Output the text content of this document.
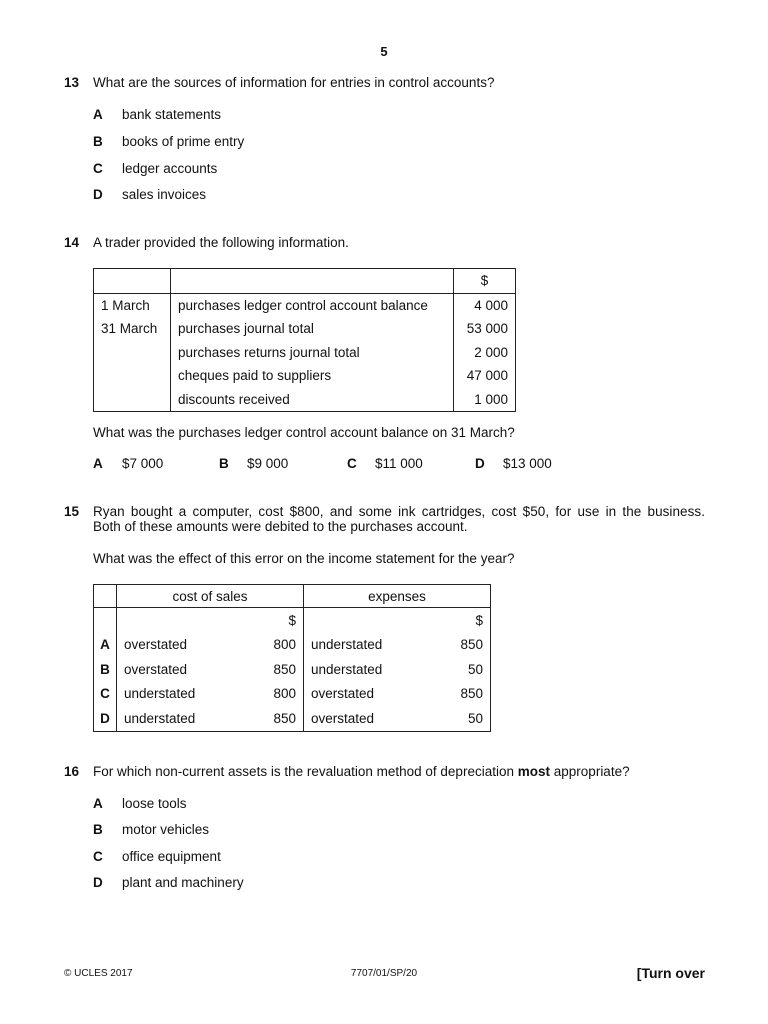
5
13 What are the sources of information for entries in control accounts?
A bank statements
B books of prime entry
C ledger accounts
D sales invoices
14 A trader provided the following information.
		$
1 March	purchases ledger control account balance	4 000
31 March	purchases journal total	53 000
	purchases returns journal total	2 000
	cheques paid to suppliers	47 000
	discounts received	1 000
What was the purchases ledger control account balance on 31 March?
A $7 000	B $9 000	C $11 000	D $13 000
15 Ryan bought a computer, cost $800, and some ink cartridges, cost $50, for use in the business.
Both of these amounts were debited to the purchases account.
What was the effect of this error on the income statement for the year?
	cost of sales		expenses	
		$		$
A	overstated	800	understated	850
B	overstated	850	understated	50
C	understated	800	overstated	850
D	understated	850	overstated	50
16 For which non-current assets is the revaluation method of depreciation most appropriate?
A loose tools
B motor vehicles
C office equipment
D plant and machinery
© UCLES 2017	7707/01/SP/20	[Turn over
